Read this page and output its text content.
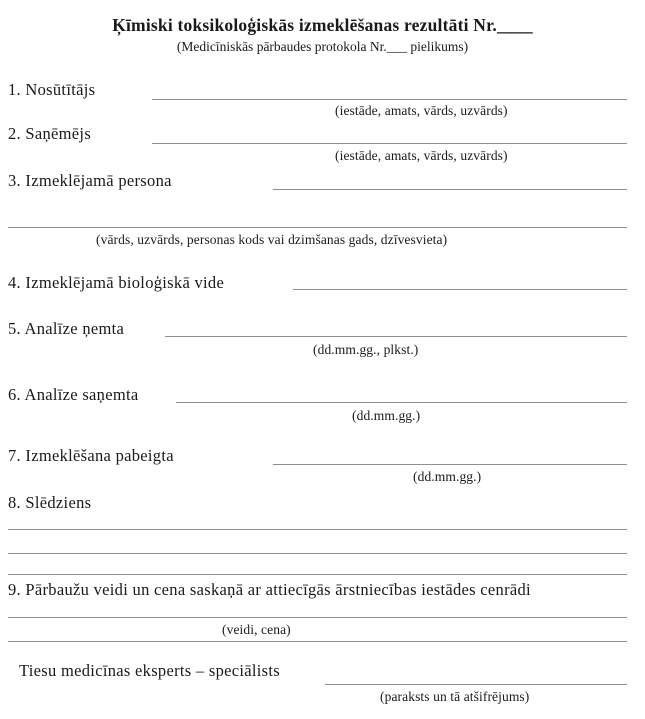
Ķīmiski toksikoloģiskās izmeklēšanas rezultāti Nr.____
(Medicīniskās pārbaudes protokola Nr.___ pielikums)
1. Nosūtītājs
(iestāde, amats, vārds, uzvārds)
2. Saņēmējs
(iestāde, amats, vārds, uzvārds)
3. Izmeklējamā persona
(vārds, uzvārds, personas kods vai dzimšanas gads, dzīvesvieta)
4. Izmeklējamā bioloģiskā vide
5. Analīze ņemta
(dd.mm.gg., plkst.)
6. Analīze saņemta
(dd.mm.gg.)
7. Izmeklēšana pabeigta
(dd.mm.gg.)
8. Slēdziens
9. Pārbaužu veidi un cena saskaņā ar attiecīgās ārstniecības iestādes cenrādi
(veidi, cena)
Tiesu medicīnas eksperts – speciālists
(paraksts un tā atšifrējums)
